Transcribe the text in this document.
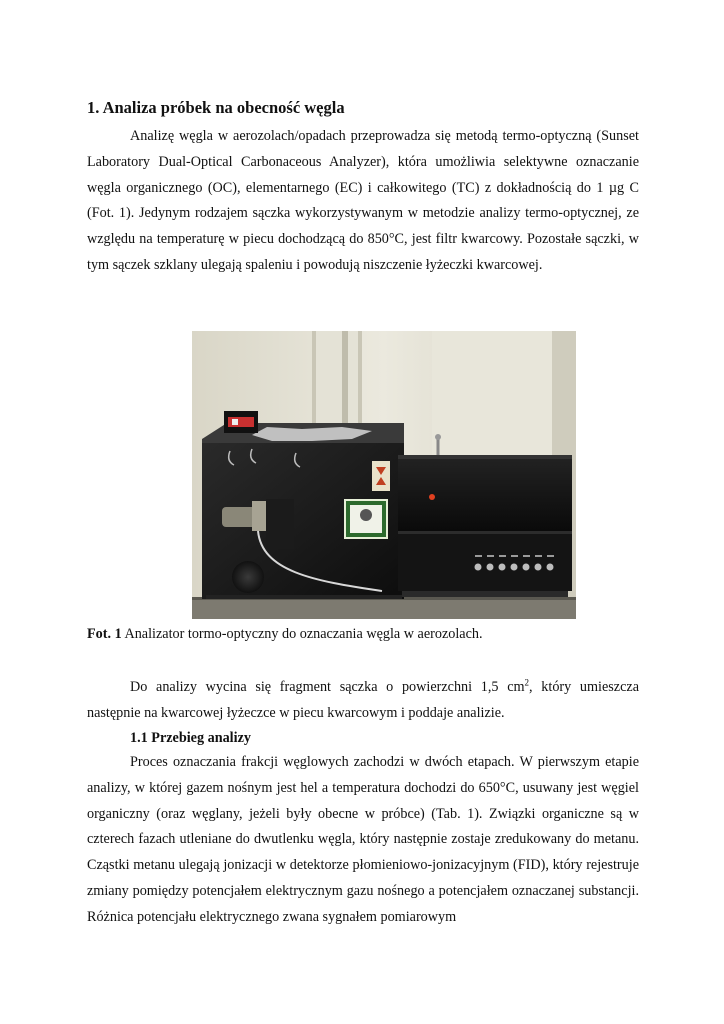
1. Analiza próbek na obecność węgla

Analizę węgla w aerozolach/opadach przeprowadza się metodą termo-optyczną (Sunset Laboratory Dual-Optical Carbonaceous Analyzer), która umożliwia selektywne oznaczanie węgla organicznego (OC), elementarnego (EC) i całkowitego (TC) z dokładnością do 1 µg C (Fot. 1). Jedynym rodzajem sączka wykorzystywanym w metodzie analizy termo-optycznej, ze względu na temperaturę w piecu dochodzącą do 850°C, jest filtr kwarcowy. Pozostałe sączki, w tym sączek szklany ulegają spaleniu i powodują niszczenie łyżeczki kwarcowej.

Fot. 1 Analizator tormo-optyczny do oznaczania węgla w aerozolach.

Do analizy wycina się fragment sączka o powierzchni 1,5 $cm^2$, który umieszcza następnie na kwarcowej łyżeczce w piecu kwarcowym i poddaje analizie.

1.1 Przebieg analizy

Proces oznaczania frakcji węglowych zachodzi w dwóch etapach. W pierwszym etapie analizy, w której gazem nośnym jest hel a temperatura dochodzi do 650°C, usuwany jest węgiel organiczny (oraz węglany, jeżeli były obecne w próbce) (Tab. 1). Związki organiczne są w czterech fazach utleniane do dwutlenku węgla, który następnie zostaje zredukowany do metanu. Cząstki metanu ulegają jonizacji w detektorze płomieniowo-jonizacyjnym (FID), który rejestruje zmiany pomiędzy potencjałem elektrycznym gazu nośnego a potencjałem oznaczanej substancji. Różnica potencjału elektrycznego zwana sygnałem pomiarowym
